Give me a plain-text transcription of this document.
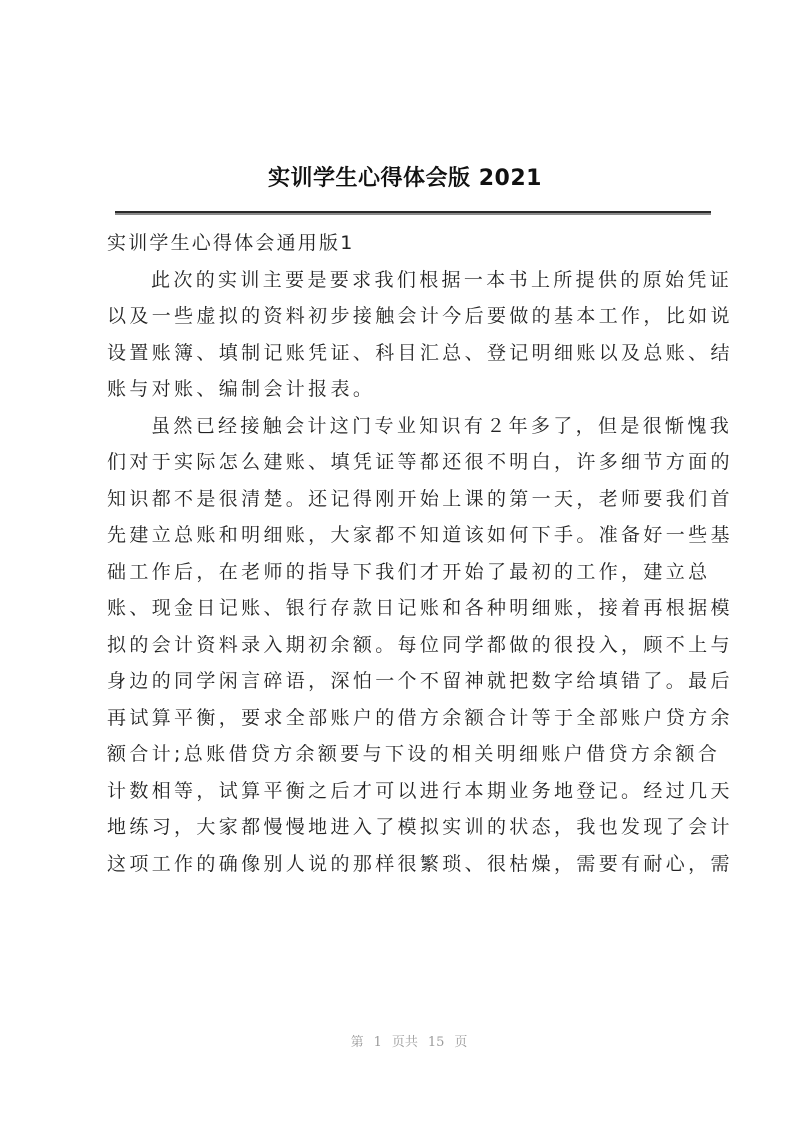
实训学生心得体会版 2021
实训学生心得体会通用版1
此次的实训主要是要求我们根据一本书上所提供的原始凭证
以及一些虚拟的资料初步接触会计今后要做的基本工作，比如说
设置账簿、填制记账凭证、科目汇总、登记明细账以及总账、结
账与对账、编制会计报表。
虽然已经接触会计这门专业知识有２年多了，但是很惭愧我
们对于实际怎么建账、填凭证等都还很不明白，许多细节方面的
知识都不是很清楚。还记得刚开始上课的第一天，老师要我们首
先建立总账和明细账，大家都不知道该如何下手。准备好一些基
础工作后，在老师的指导下我们才开始了最初的工作，建立总
账、现金日记账、银行存款日记账和各种明细账，接着再根据模
拟的会计资料录入期初余额。每位同学都做的很投入，顾不上与
身边的同学闲言碎语，深怕一个不留神就把数字给填错了。最后
再试算平衡，要求全部账户的借方余额合计等于全部账户贷方余
额合计;总账借贷方余额要与下设的相关明细账户借贷方余额合
计数相等，试算平衡之后才可以进行本期业务地登记。经过几天
地练习，大家都慢慢地进入了模拟实训的状态，我也发现了会计
这项工作的确像别人说的那样很繁琐、很枯燥，需要有耐心，需
第 1 页共 15 页
